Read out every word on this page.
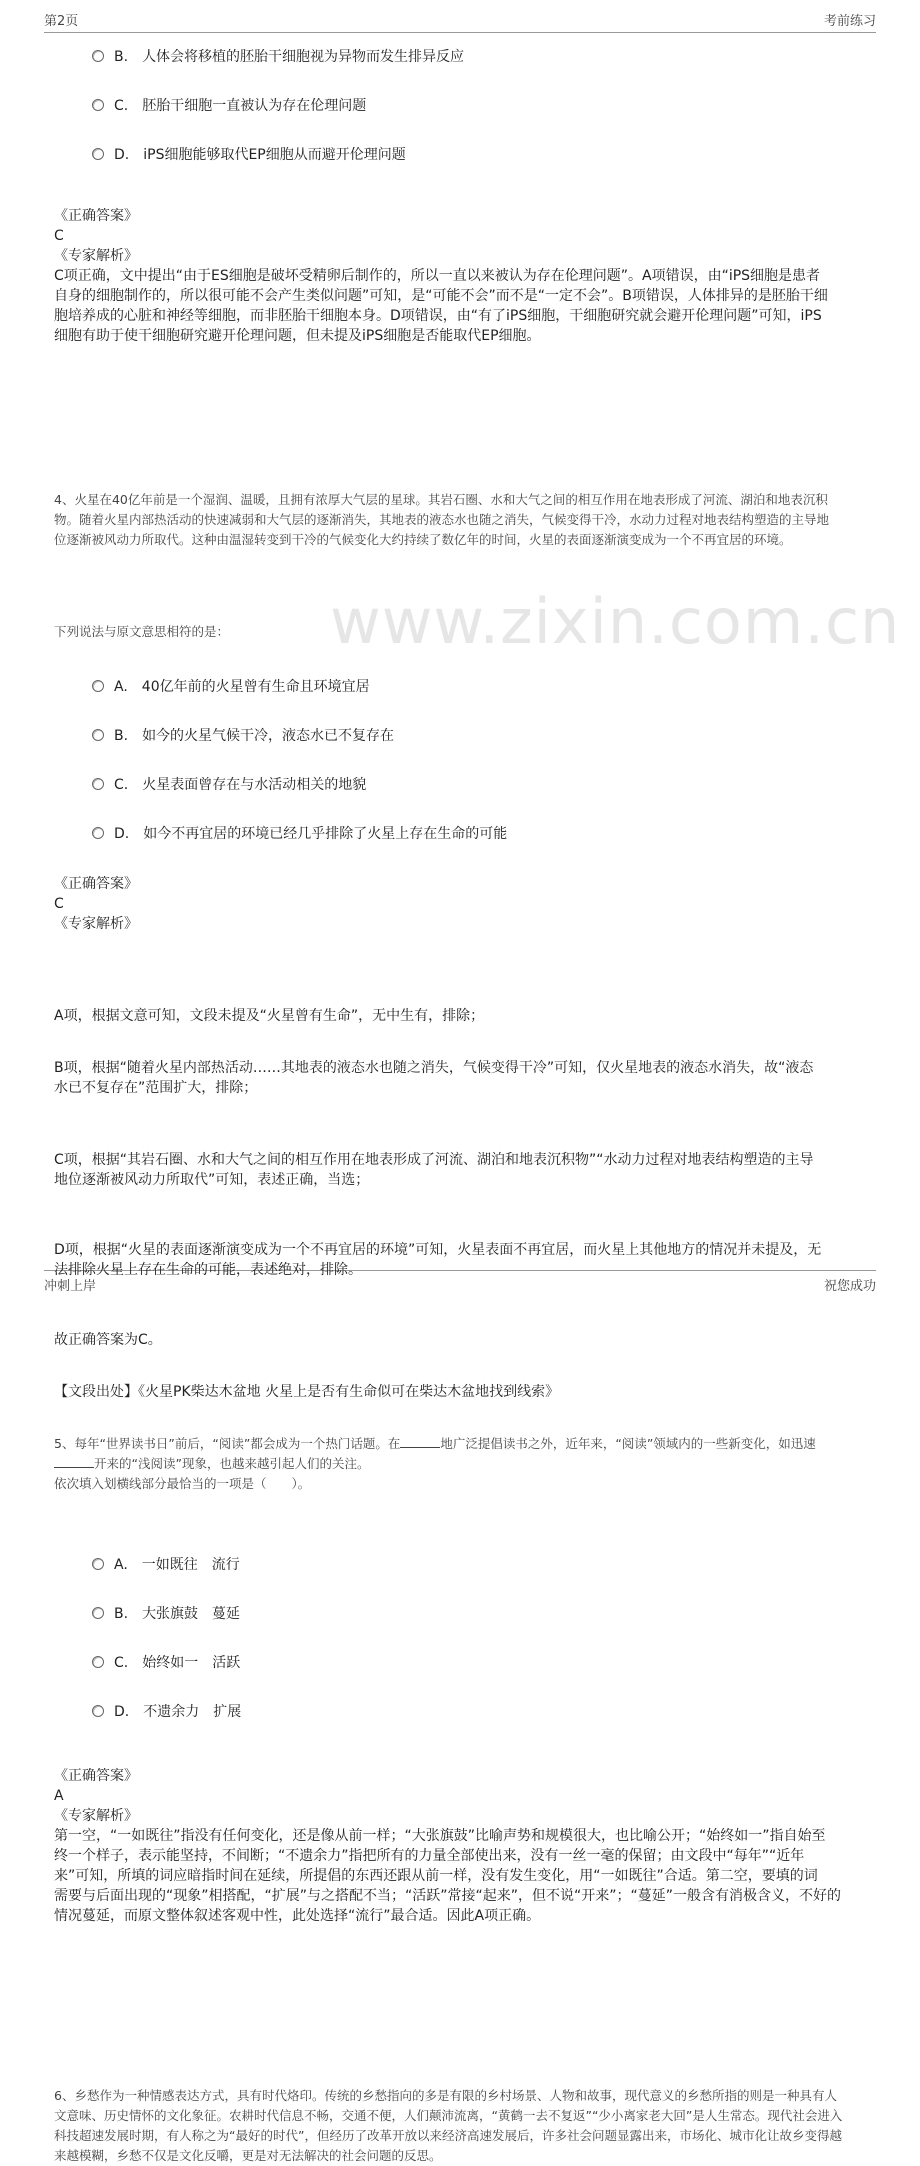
第2页	考前练习
www.zixin.com.cn
B.　 人体会将移植的胚胎干细胞视为异物而发生排异反应
C.　 胚胎干细胞一直被认为存在伦理问题
D.　 iPS细胞能够取代EP细胞从而避开伦理问题
《正确答案》
C
《专家解析》
C项正确，文中提出“由于ES细胞是破坏受精卵后制作的，所以一直以来被认为存在伦理问题”。A项错误，由“iPS细胞是患者
自身的细胞制作的，所以很可能不会产生类似问题”可知，是“可能不会”而不是“一定不会”。B项错误，人体排异的是胚胎干细
胞培养成的心脏和神经等细胞，而非胚胎干细胞本身。D项错误，由“有了iPS细胞，干细胞研究就会避开伦理问题”可知，iPS
细胞有助于使干细胞研究避开伦理问题，但未提及iPS细胞是否能取代EP细胞。
4、火星在40亿年前是一个湿润、温暖，且拥有浓厚大气层的星球。其岩石圈、水和大气之间的相互作用在地表形成了河流、湖泊和地表沉积
物。随着火星内部热活动的快速减弱和大气层的逐渐消失，其地表的液态水也随之消失，气候变得干冷，水动力过程对地表结构塑造的主导地
位逐渐被风动力所取代。这种由温湿转变到干冷的气候变化大约持续了数亿年的时间，火星的表面逐渐演变成为一个不再宜居的环境。
下列说法与原文意思相符的是：
A.　 40亿年前的火星曾有生命且环境宜居
B.　 如今的火星气候干冷，液态水已不复存在
C.　 火星表面曾存在与水活动相关的地貌
D.　 如今不再宜居的环境已经几乎排除了火星上存在生命的可能
《正确答案》
C
《专家解析》
A项，根据文意可知，文段未提及“火星曾有生命”，无中生有，排除；
B项，根据“随着火星内部热活动……其地表的液态水也随之消失，气候变得干冷”可知，仅火星地表的液态水消失，故“液态
水已不复存在”范围扩大，排除；
C项，根据“其岩石圈、水和大气之间的相互作用在地表形成了河流、湖泊和地表沉积物”“水动力过程对地表结构塑造的主导
地位逐渐被风动力所取代”可知，表述正确，当选；
D项，根据“火星的表面逐渐演变成为一个不再宜居的环境”可知，火星表面不再宜居，而火星上其他地方的情况并未提及，无
法排除火星上存在生命的可能，表述绝对，排除。
故正确答案为C。
【文段出处】《火星PK柴达木盆地 火星上是否有生命似可在柴达木盆地找到线索》
5、每年“世界读书日”前后，“阅读”都会成为一个热门话题。在	地广泛提倡读书之外，近年来，“阅读”领域内的一些新变化，如迅速
开来的“浅阅读”现象，也越来越引起人们的关注。
依次填入划横线部分最恰当的一项是（　　）。
A.　 一如既往　流行
B.　 大张旗鼓　蔓延
C.　 始终如一　活跃
D.　 不遗余力　扩展
《正确答案》
A
《专家解析》
第一空，“一如既往”指没有任何变化，还是像从前一样；“大张旗鼓”比喻声势和规模很大，也比喻公开；“始终如一”指自始至
终一个样子，表示能坚持，不间断；“不遗余力”指把所有的力量全部使出来，没有一丝一毫的保留；由文段中“每年”“近年
来”可知，所填的词应暗指时间在延续，所提倡的东西还跟从前一样，没有发生变化，用“一如既往”合适。第二空，要填的词
需要与后面出现的“现象”相搭配，“扩展”与之搭配不当；“活跃”常接“起来”，但不说“开来”；“蔓延”一般含有消极含义，不好的
情况蔓延，而原文整体叙述客观中性，此处选择“流行”最合适。因此A项正确。
6、乡愁作为一种情感表达方式，具有时代烙印。传统的乡愁指向的多是有限的乡村场景、人物和故事，现代意义的乡愁所指的则是一种具有人
文意味、历史情怀的文化象征。农耕时代信息不畅，交通不便，人们颠沛流离，“黄鹤一去不复返”“少小离家老大回”是人生常态。现代社会进入
科技超速发展时期，有人称之为“最好的时代”，但经历了改革开放以来经济高速发展后，许多社会问题显露出来，市场化、城市化让故乡变得越
来越模糊，乡愁不仅是文化反嚼，更是对无法解决的社会问题的反思。
冲刺上岸	祝您成功
